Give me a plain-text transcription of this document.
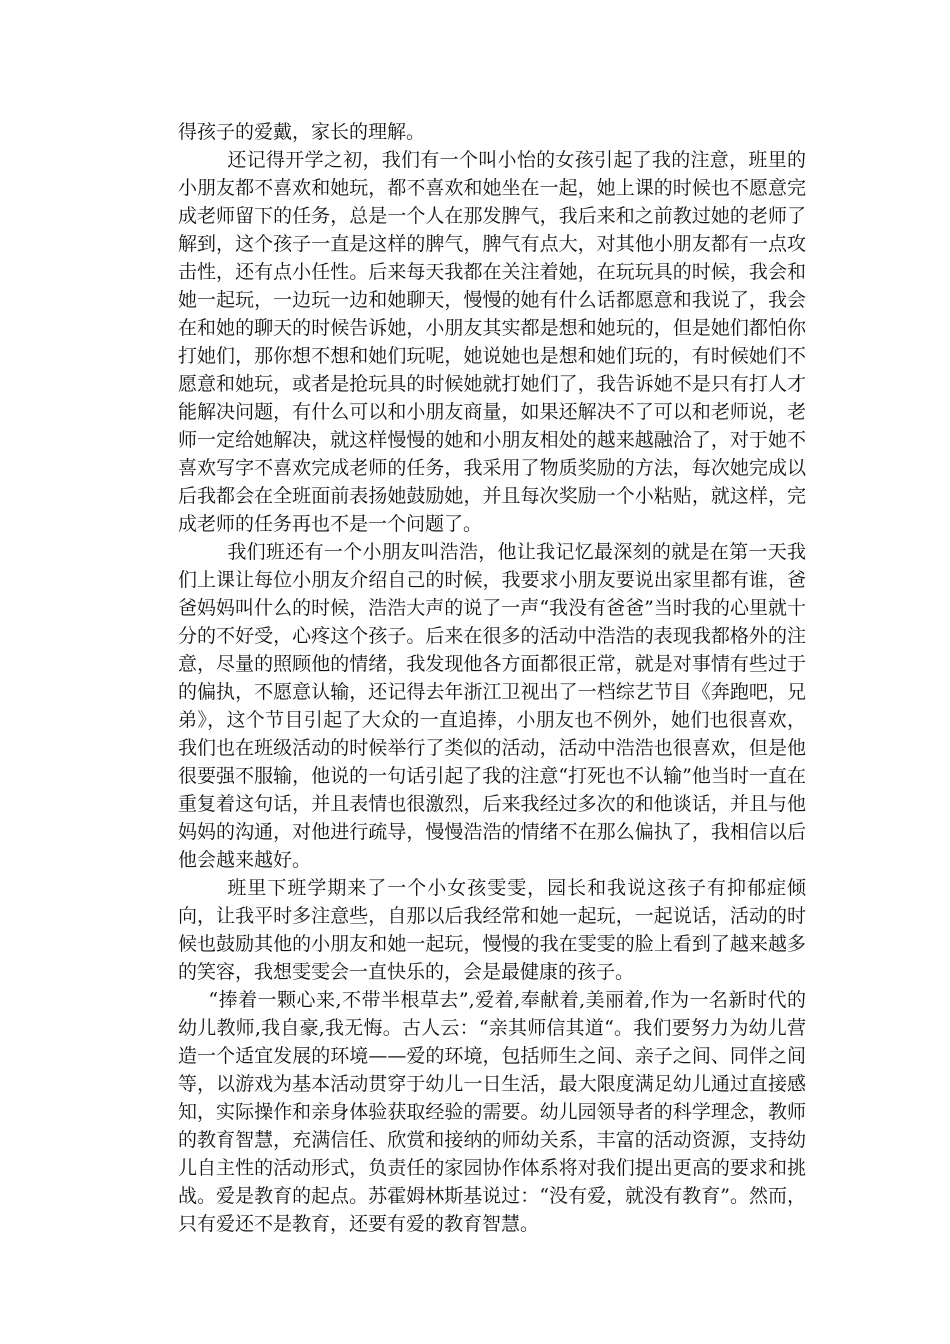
得孩子的爱戴，家长的理解。

还记得开学之初，我们有一个叫小怡的女孩引起了我的注意，班里的小朋友都不喜欢和她玩，都不喜欢和她坐在一起，她上课的时候也不愿意完成老师留下的任务，总是一个人在那发脾气，我后来和之前教过她的老师了解到，这个孩子一直是这样的脾气，脾气有点大，对其他小朋友都有一点攻击性，还有点小任性。后来每天我都在关注着她，在玩玩具的时候，我会和她一起玩，一边玩一边和她聊天，慢慢的她有什么话都愿意和我说了，我会在和她的聊天的时候告诉她，小朋友其实都是想和她玩的，但是她们都怕你打她们，那你想不想和她们玩呢，她说她也是想和她们玩的，有时候她们不愿意和她玩，或者是抢玩具的时候她就打她们了，我告诉她不是只有打人才能解决问题，有什么可以和小朋友商量，如果还解决不了可以和老师说，老师一定给她解决，就这样慢慢的她和小朋友相处的越来越融洽了，对于她不喜欢写字不喜欢完成老师的任务，我采用了物质奖励的方法，每次她完成以后我都会在全班面前表扬她鼓励她，并且每次奖励一个小粘贴，就这样，完成老师的任务再也不是一个问题了。

我们班还有一个小朋友叫浩浩，他让我记忆最深刻的就是在第一天我们上课让每位小朋友介绍自己的时候，我要求小朋友要说出家里都有谁，爸爸妈妈叫什么的时候，浩浩大声的说了一声“我没有爸爸”当时我的心里就十分的不好受，心疼这个孩子。后来在很多的活动中浩浩的表现我都格外的注意，尽量的照顾他的情绪，我发现他各方面都很正常，就是对事情有些过于的偏执，不愿意认输，还记得去年浙江卫视出了一档综艺节目《奔跑吧，兄弟》，这个节目引起了大众的一直追捧，小朋友也不例外，她们也很喜欢，我们也在班级活动的时候举行了类似的活动，活动中浩浩也很喜欢，但是他很要强不服输，他说的一句话引起了我的注意“打死也不认输”他当时一直在重复着这句话，并且表情也很激烈，后来我经过多次的和他谈话，并且与他妈妈的沟通，对他进行疏导，慢慢浩浩的情绪不在那么偏执了，我相信以后他会越来越好。

班里下班学期来了一个小女孩雯雯，园长和我说这孩子有抑郁症倾向，让我平时多注意些，自那以后我经常和她一起玩，一起说话，活动的时候也鼓励其他的小朋友和她一起玩，慢慢的我在雯雯的脸上看到了越来越多的笑容，我想雯雯会一直快乐的，会是最健康的孩子。

“捧着一颗心来,不带半根草去”,爱着,奉献着,美丽着,作为一名新时代的幼儿教师,我自豪,我无悔。古人云：“亲其师信其道“。我们要努力为幼儿营造一个适宜发展的环境——爱的环境，包括师生之间、亲子之间、同伴之间等，以游戏为基本活动贯穿于幼儿一日生活，最大限度满足幼儿通过直接感知，实际操作和亲身体验获取经验的需要。幼儿园领导者的科学理念，教师的教育智慧，充满信任、欣赏和接纳的师幼关系，丰富的活动资源，支持幼儿自主性的活动形式，负责任的家园协作体系将对我们提出更高的要求和挑战。爱是教育的起点。苏霍姆林斯基说过：“没有爱，就没有教育”。然而，只有爱还不是教育，还要有爱的教育智慧。
